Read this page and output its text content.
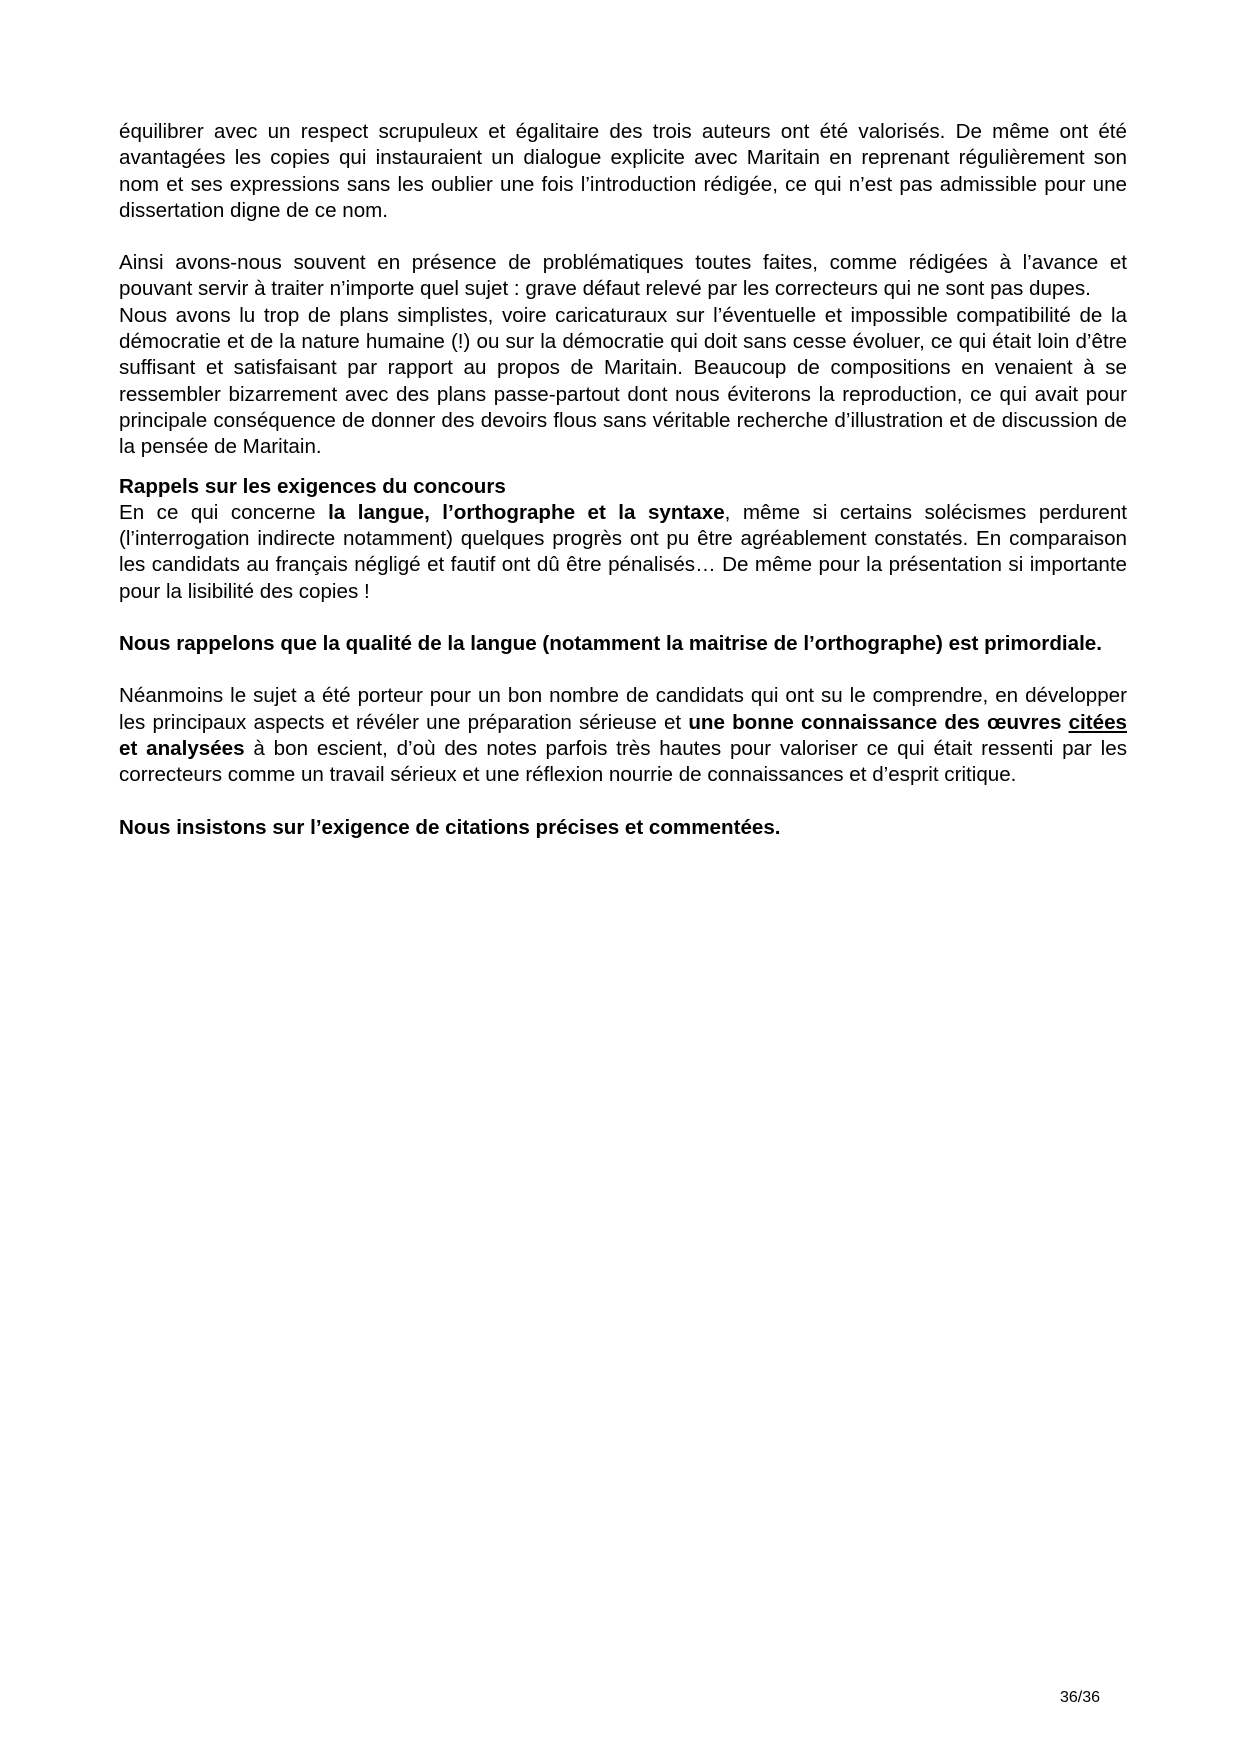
équilibrer avec un respect scrupuleux et égalitaire des trois auteurs ont été valorisés. De même ont été avantagées les copies qui instauraient un dialogue explicite avec Maritain en reprenant régulièrement son nom et ses expressions sans les oublier une fois l’introduction rédigée, ce qui n’est pas admissible pour une dissertation digne de ce nom.

Ainsi avons-nous souvent en présence de problématiques toutes faites, comme rédigées à l’avance et pouvant servir à traiter n’importe quel sujet : grave défaut relevé par les correcteurs qui ne sont pas dupes.

Nous avons lu trop de plans simplistes, voire caricaturaux sur l’éventuelle et impossible compatibilité de la démocratie et de la nature humaine (!) ou sur la démocratie qui doit sans cesse évoluer, ce qui était loin d’être suffisant et satisfaisant par rapport au propos de Maritain. Beaucoup de compositions en venaient à se ressembler bizarrement avec des plans passe-partout dont nous éviterons la reproduction, ce qui avait pour principale conséquence de donner des devoirs flous sans véritable recherche d’illustration et de discussion de la pensée de Maritain.

Rappels sur les exigences du concours

En ce qui concerne la langue, l’orthographe et la syntaxe, même si certains solécismes perdurent (l’interrogation indirecte notamment) quelques progrès ont pu être agréablement constatés. En comparaison les candidats au français négligé et fautif ont dû être pénalisés… De même pour la présentation si importante pour la lisibilité des copies !

Nous rappelons que la qualité de la langue (notamment la maitrise de l’orthographe) est primordiale.

Néanmoins le sujet a été porteur pour un bon nombre de candidats qui ont su le comprendre, en développer les principaux aspects et révéler une préparation sérieuse et une bonne connaissance des œuvres citées et analysées à bon escient, d’où des notes parfois très hautes pour valoriser ce qui était ressenti par les correcteurs comme un travail sérieux et une réflexion nourrie de connaissances et d’esprit critique.

Nous insistons sur l’exigence de citations précises et commentées.

36/36
